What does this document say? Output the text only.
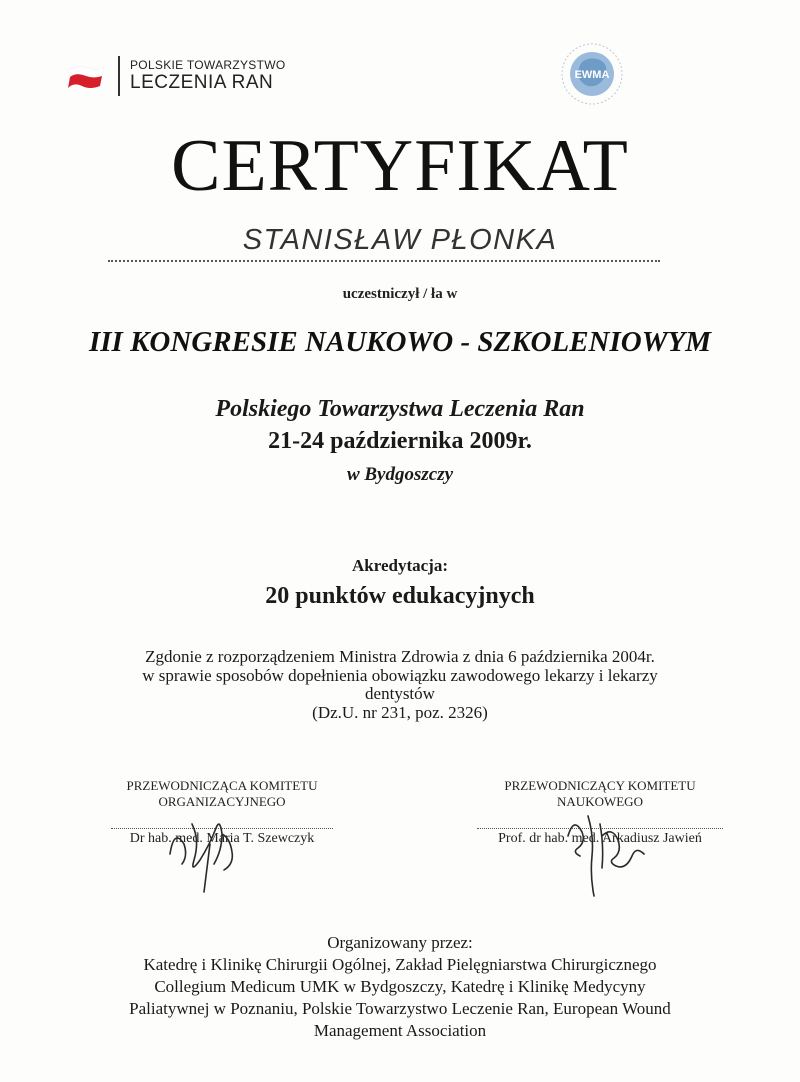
POLSKIE TOWARZYSTWO
LECZENIA RAN	EWMA
CERTYFIKAT
STANISŁAW PŁONKA
uczestniczył / ła w
III KONGRESIE NAUKOWO - SZKOLENIOWYM
Polskiego Towarzystwa Leczenia Ran
21-24 października 2009r.
w Bydgoszczy
Akredytacja:
20 punktów edukacyjnych
Zgdonie z rozporządzeniem Ministra Zdrowia z dnia 6 października 2004r.
w sprawie sposobów dopełnienia obowiązku zawodowego lekarzy i lekarzy
dentystów
(Dz.U. nr 231, poz. 2326)
PRZEWODNICZĄCA KOMITETU
ORGANIZACYJNEGO
Dr hab. med. Maria T. Szewczyk
PRZEWODNICZĄCY KOMITETU
NAUKOWEGO
Prof. dr hab. med. Arkadiusz Jawień
Organizowany przez:
Katedrę i Klinikę Chirurgii Ogólnej, Zakład Pielęgniarstwa Chirurgicznego
Collegium Medicum UMK w Bydgoszczy, Katedrę i Klinikę Medycyny
Paliatywnej w Poznaniu, Polskie Towarzystwo Leczenie Ran, European Wound
Management Association
